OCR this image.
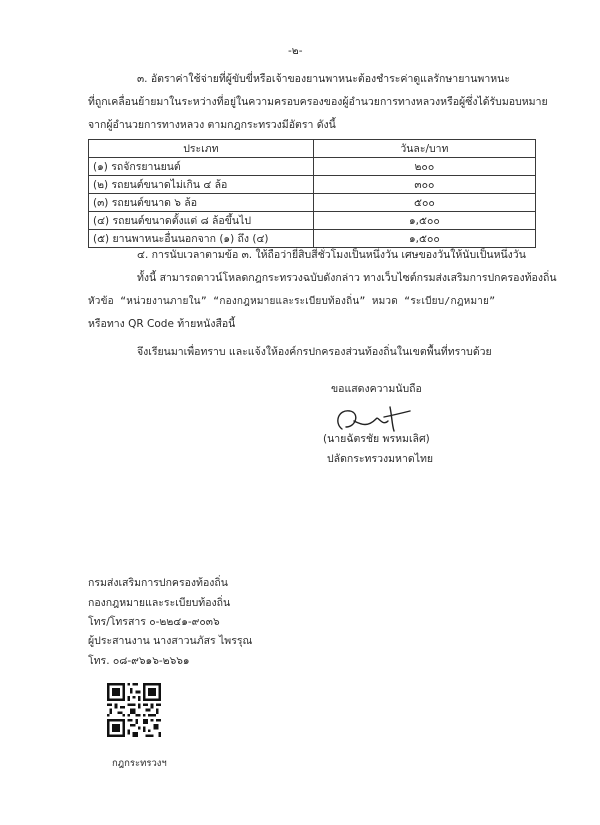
-๒-
๓. อัตราค่าใช้จ่ายที่ผู้ขับขี่หรือเจ้าของยานพาหนะต้องชำระค่าดูแลรักษายานพาหนะ
ที่ถูกเคลื่อนย้ายมาในระหว่างที่อยู่ในความครอบครองของผู้อำนวยการทางหลวงหรือผู้ซึ่งได้รับมอบหมาย
จากผู้อำนวยการทางหลวง ตามกฎกระทรวงมีอัตรา ดังนี้
ประเภท	วันละ/บาท
(๑) รถจักรยานยนต์	๒๐๐
(๒) รถยนต์ขนาดไม่เกิน ๔ ล้อ	๓๐๐
(๓) รถยนต์ขนาด ๖ ล้อ	๕๐๐
(๔) รถยนต์ขนาดตั้งแต่ ๘ ล้อขึ้นไป	๑,๕๐๐
(๕) ยานพาหนะอื่นนอกจาก (๑) ถึง (๔)	๑,๕๐๐
๔. การนับเวลาตามข้อ ๓. ให้ถือว่ายี่สิบสี่ชั่วโมงเป็นหนึ่งวัน เศษของวันให้นับเป็นหนึ่งวัน
ทั้งนี้ สามารถดาวน์โหลดกฎกระทรวงฉบับดังกล่าว ทางเว็บไซต์กรมส่งเสริมการปกครองท้องถิ่น
หัวข้อ “หน่วยงานภายใน” “กองกฎหมายและระเบียบท้องถิ่น” หมวด “ระเบียบ/กฎหมาย”
หรือทาง QR Code ท้ายหนังสือนี้
จึงเรียนมาเพื่อทราบ และแจ้งให้องค์กรปกครองส่วนท้องถิ่นในเขตพื้นที่ทราบด้วย
ขอแสดงความนับถือ
(นายฉัตรชัย พรหมเลิศ)
ปลัดกระทรวงมหาดไทย
กรมส่งเสริมการปกครองท้องถิ่น
กองกฎหมายและระเบียบท้องถิ่น
โทร/โทรสาร ๐-๒๒๔๑-๙๐๓๖
ผู้ประสานงาน นางสาวนภัสร ไพรรุณ
โทร. ๐๘-๙๖๑๖-๒๖๖๑
กฎกระทรวงฯ
